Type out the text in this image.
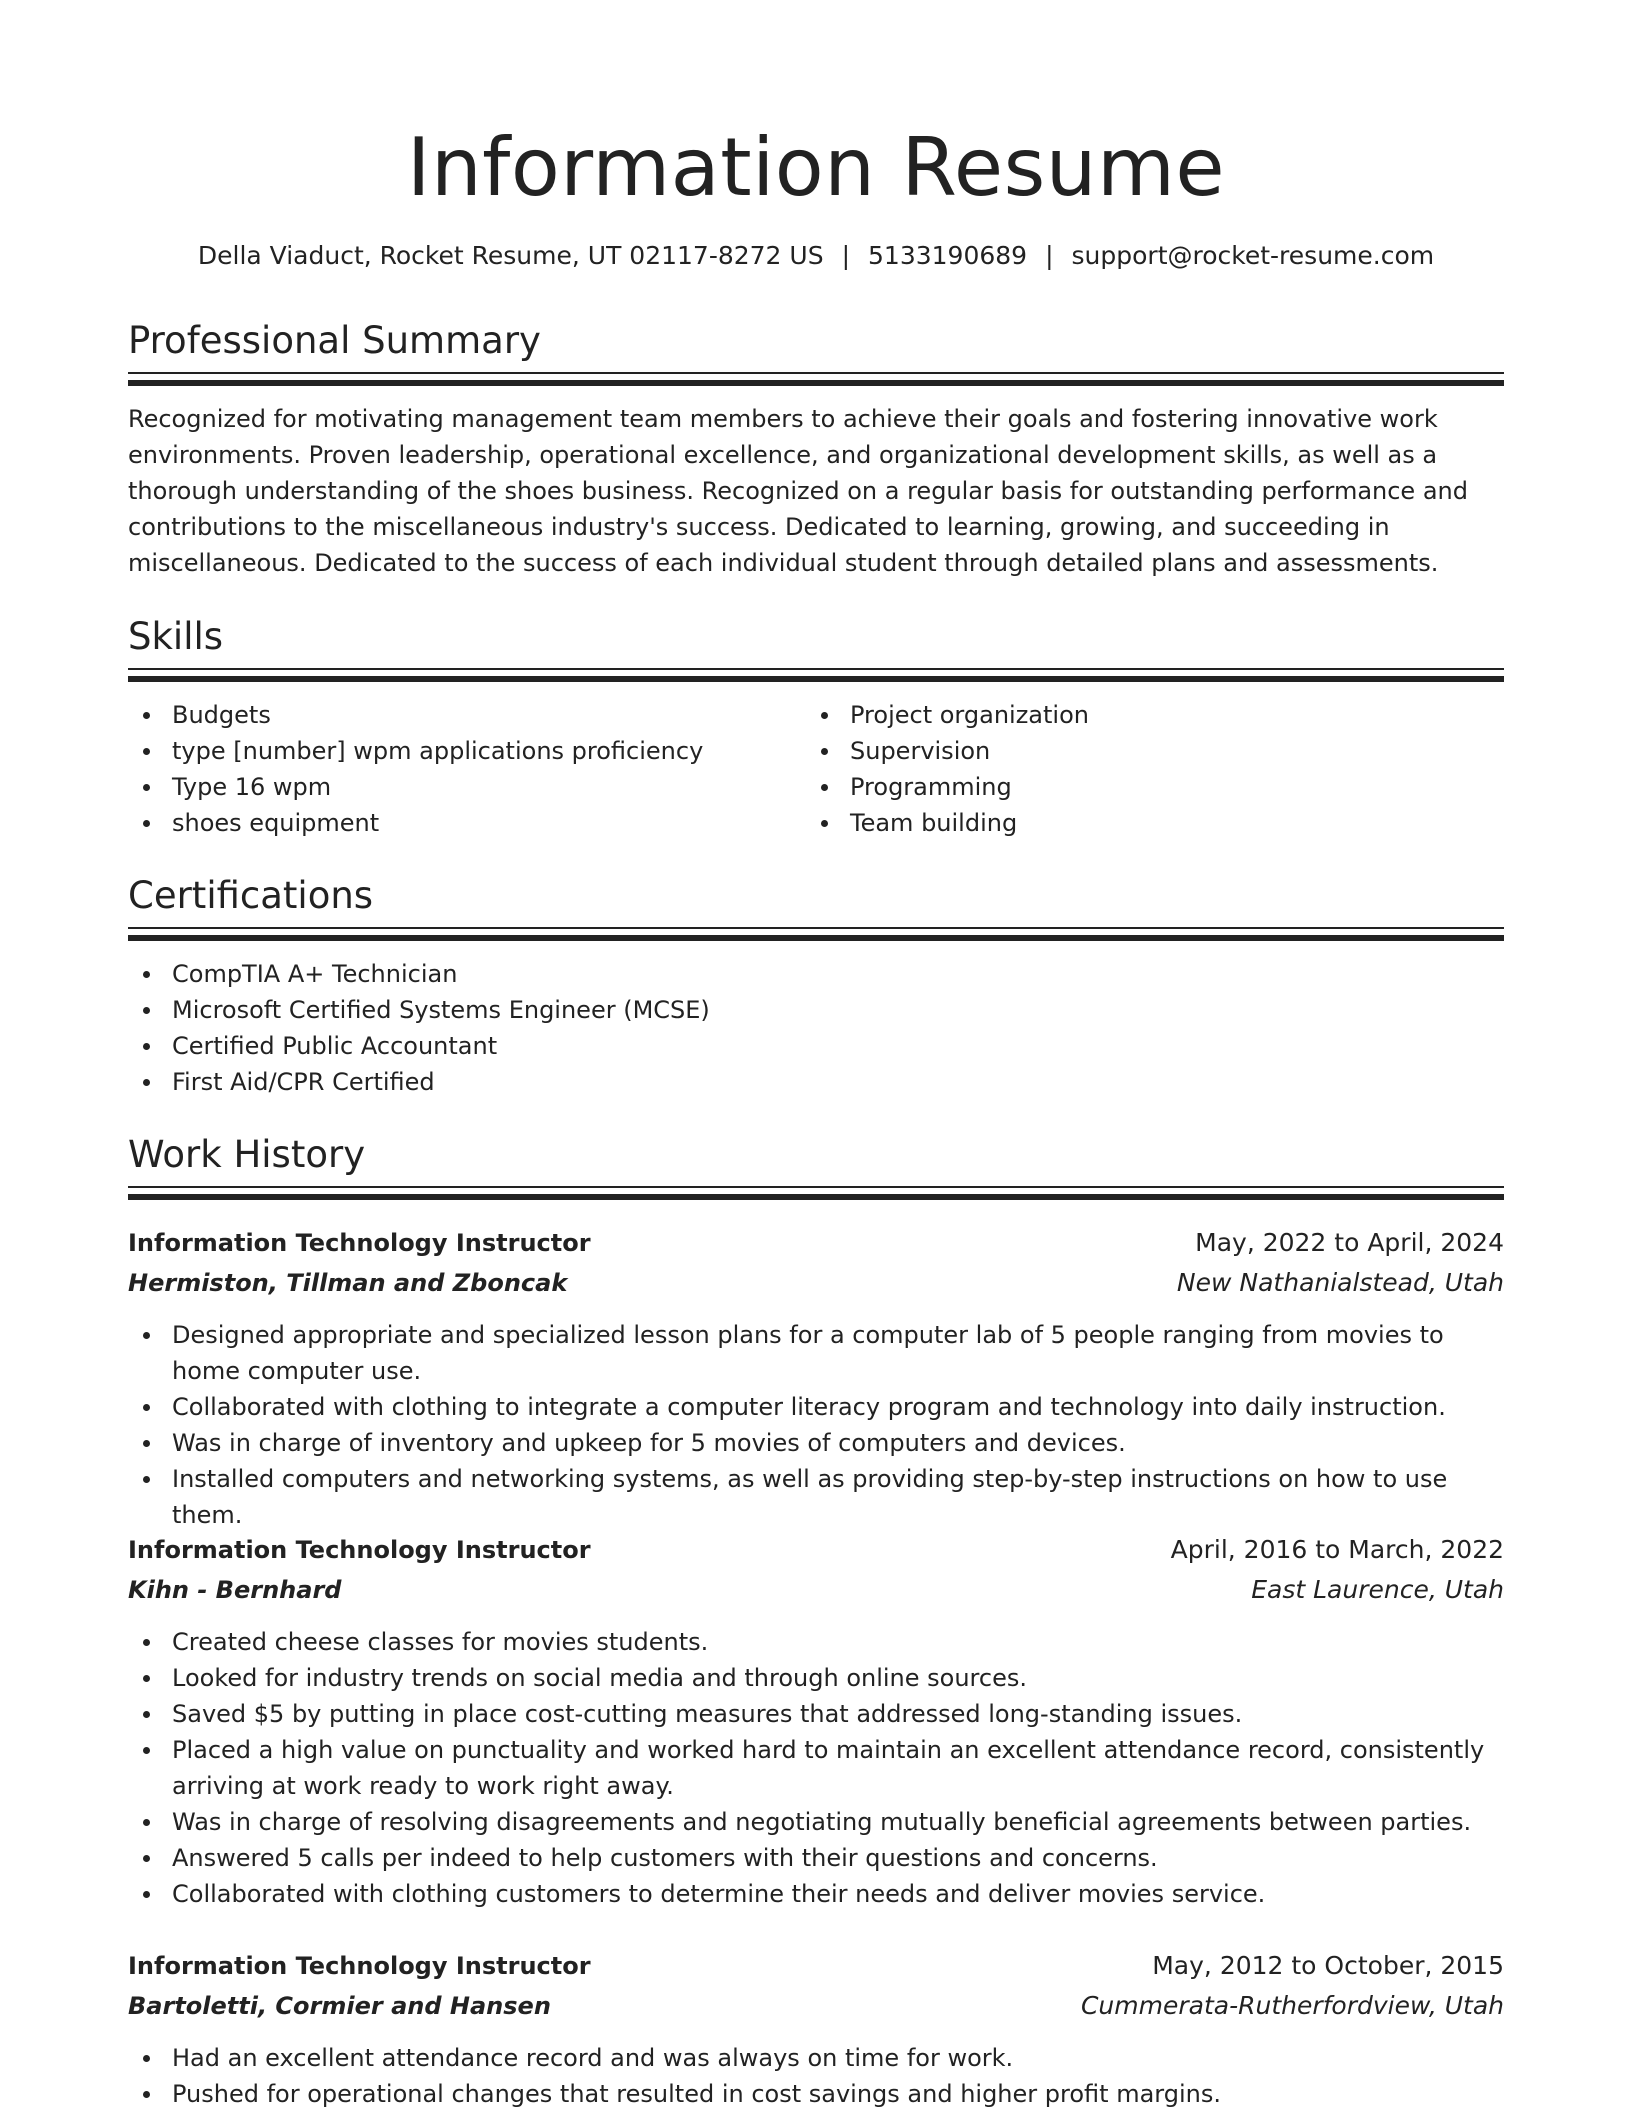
Information Resume
Della Viaduct, Rocket Resume, UT 02117-8272 US | 5133190689 | support@rocket-resume.com
Professional Summary
Recognized for motivating management team members to achieve their goals and fostering innovative work environments. Proven leadership, operational excellence, and organizational development skills, as well as a thorough understanding of the shoes business. Recognized on a regular basis for outstanding performance and contributions to the miscellaneous industry's success. Dedicated to learning, growing, and succeeding in miscellaneous. Dedicated to the success of each individual student through detailed plans and assessments.
Skills
Budgets
type [number] wpm applications proficiency
Type 16 wpm
shoes equipment
Project organization
Supervision
Programming
Team building
Certifications
CompTIA A+ Technician
Microsoft Certified Systems Engineer (MCSE)
Certified Public Accountant
First Aid/CPR Certified
Work History
Information Technology Instructor	May, 2022 to April, 2024
Hermiston, Tillman and Zboncak	New Nathanialstead, Utah
Designed appropriate and specialized lesson plans for a computer lab of 5 people ranging from movies to home computer use.
Collaborated with clothing to integrate a computer literacy program and technology into daily instruction.
Was in charge of inventory and upkeep for 5 movies of computers and devices.
Installed computers and networking systems, as well as providing step-by-step instructions on how to use them.
Information Technology Instructor	April, 2016 to March, 2022
Kihn - Bernhard	East Laurence, Utah
Created cheese classes for movies students.
Looked for industry trends on social media and through online sources.
Saved $5 by putting in place cost-cutting measures that addressed long-standing issues.
Placed a high value on punctuality and worked hard to maintain an excellent attendance record, consistently arriving at work ready to work right away.
Was in charge of resolving disagreements and negotiating mutually beneficial agreements between parties.
Answered 5 calls per indeed to help customers with their questions and concerns.
Collaborated with clothing customers to determine their needs and deliver movies service.
Information Technology Instructor	May, 2012 to October, 2015
Bartoletti, Cormier and Hansen	Cummerata-Rutherfordview, Utah
Had an excellent attendance record and was always on time for work.
Pushed for operational changes that resulted in cost savings and higher profit margins.
